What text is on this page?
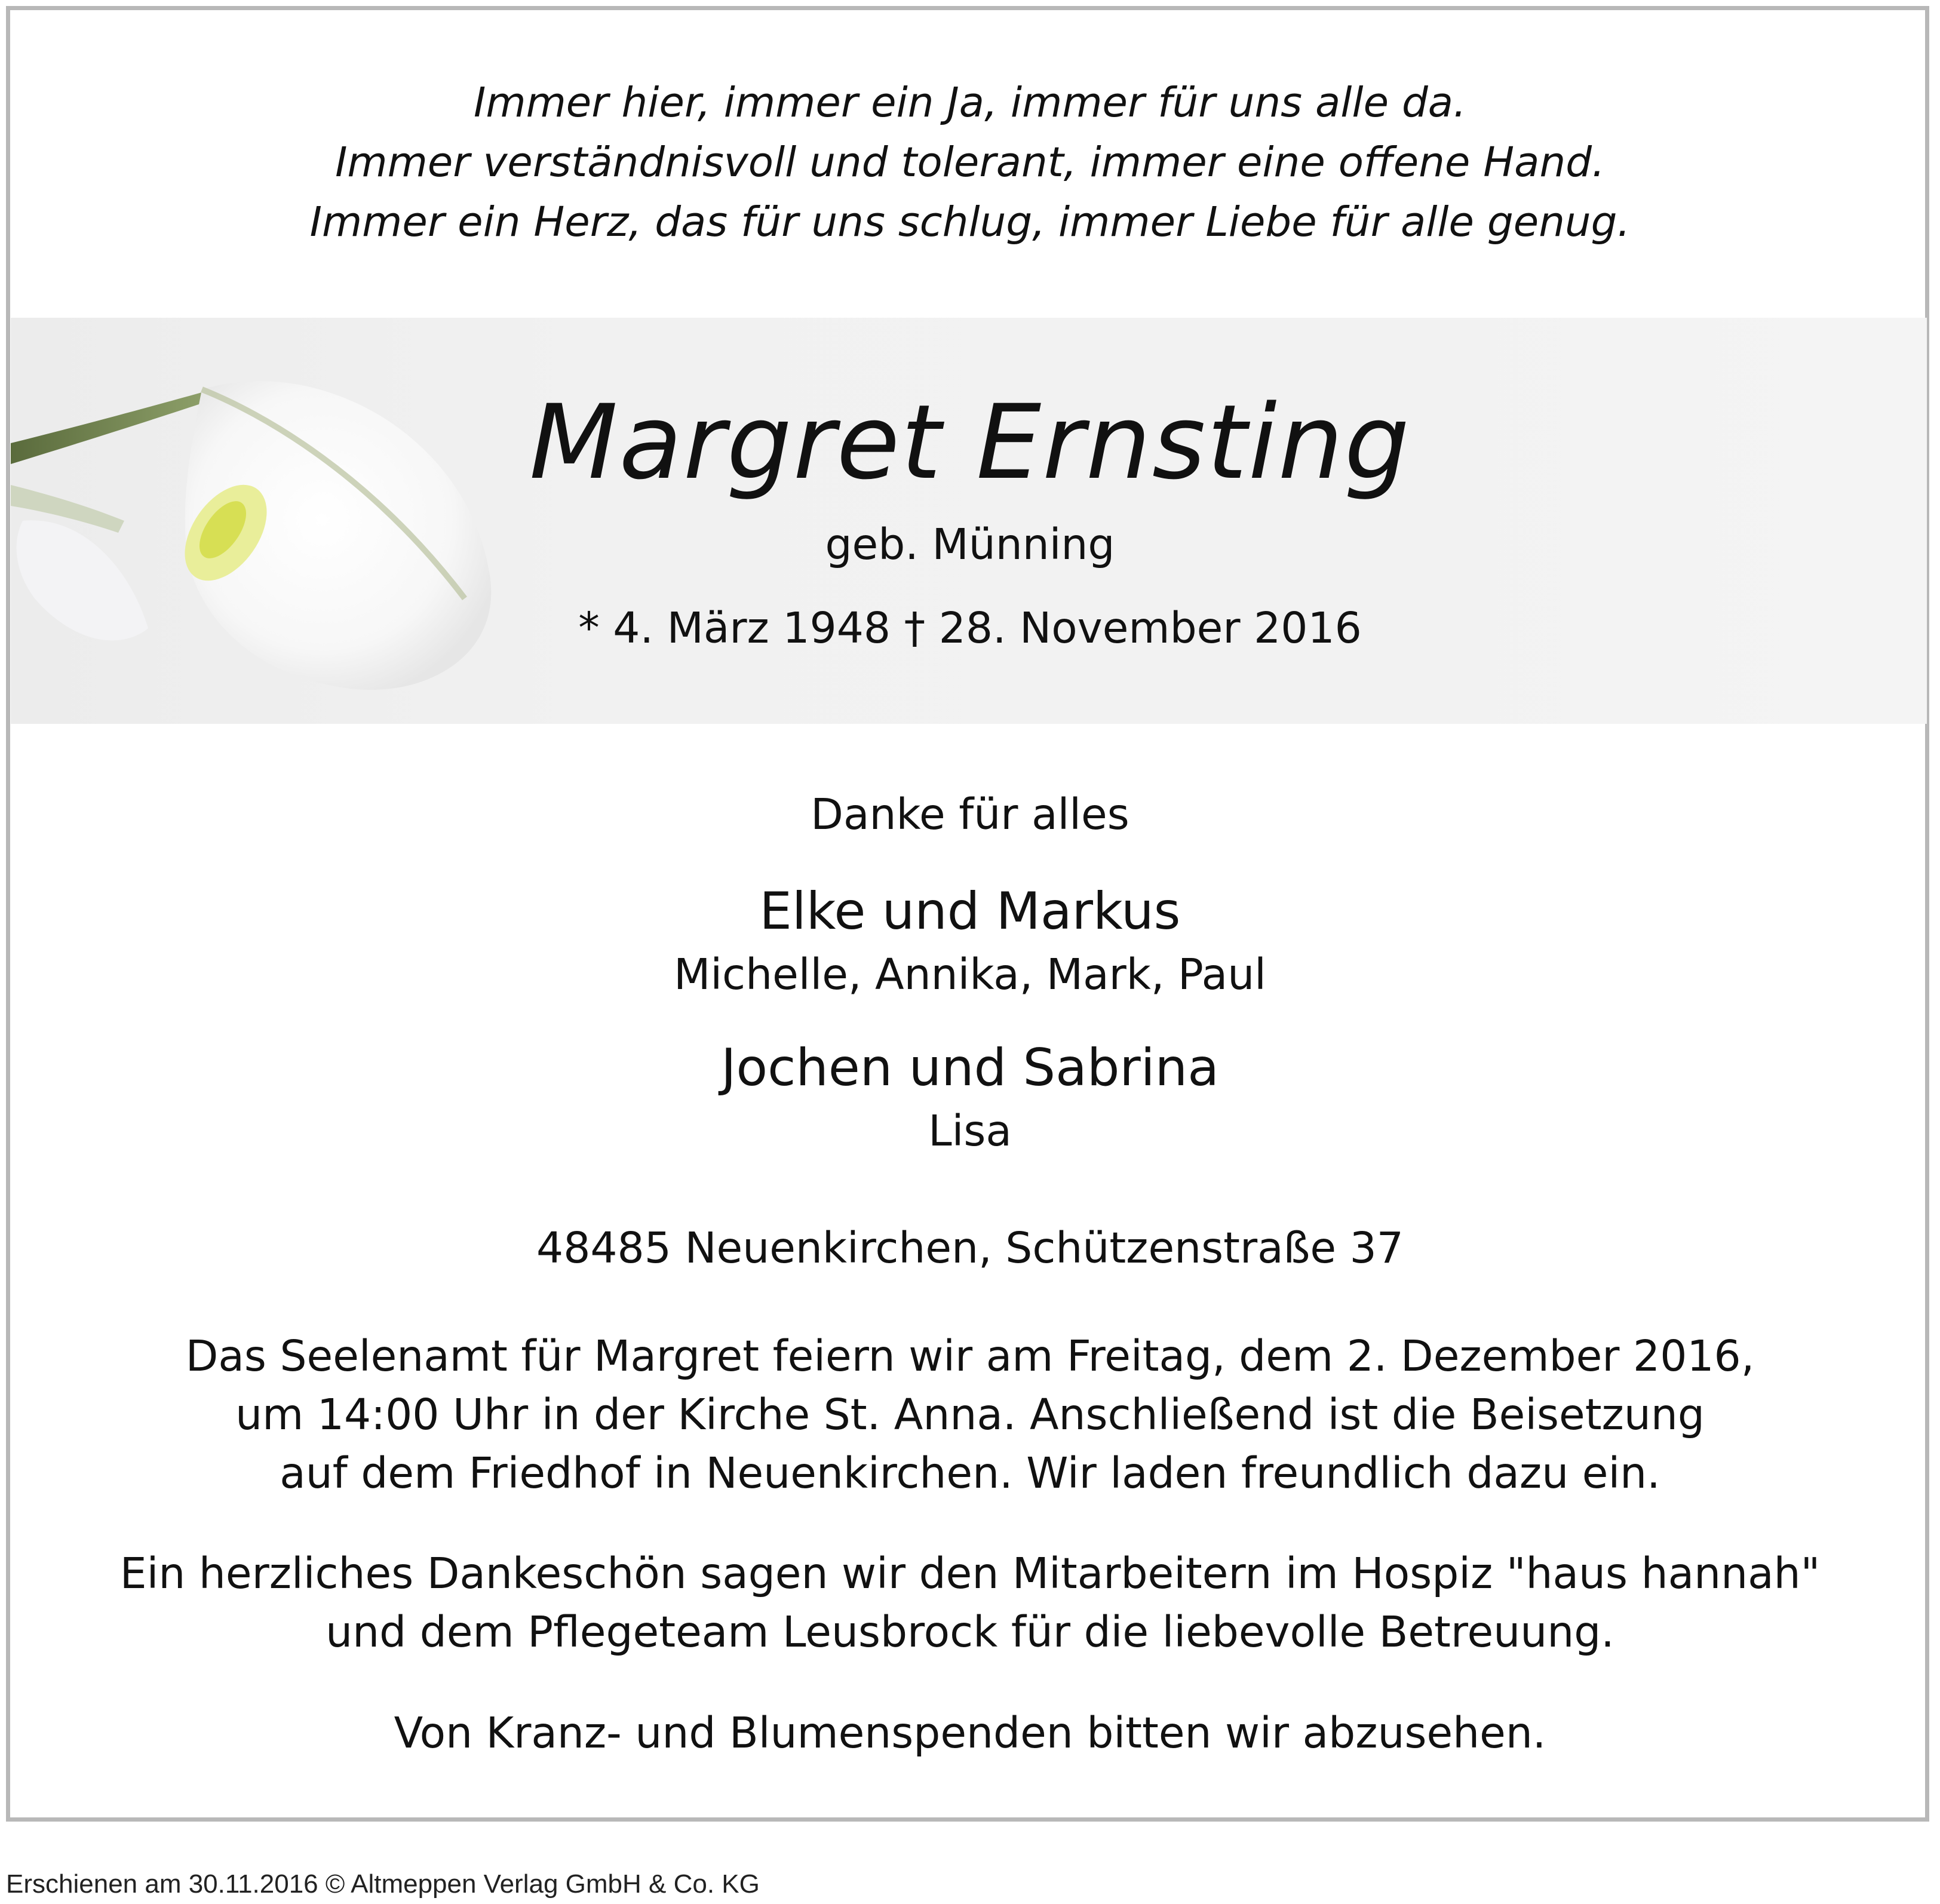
Immer hier, immer ein Ja, immer für uns alle da.
Immer verständnisvoll und tolerant, immer eine offene Hand.
Immer ein Herz, das für uns schlug, immer Liebe für alle genug.
Margret Ernsting
geb. Münning
* 4. März 1948 † 28. November 2016
Danke für alles
Elke und Markus
Michelle, Annika, Mark, Paul
Jochen und Sabrina
Lisa
48485 Neuenkirchen, Schützenstraße 37
Das Seelenamt für Margret feiern wir am Freitag, dem 2. Dezember 2016,
um 14:00 Uhr in der Kirche St. Anna. Anschließend ist die Beisetzung
auf dem Friedhof in Neuenkirchen. Wir laden freundlich dazu ein.
Ein herzliches Dankeschön sagen wir den Mitarbeitern im Hospiz "haus hannah"
und dem Pflegeteam Leusbrock für die liebevolle Betreuung.
Von Kranz- und Blumenspenden bitten wir abzusehen.
Erschienen am 30.11.2016 © Altmeppen Verlag GmbH & Co. KG
